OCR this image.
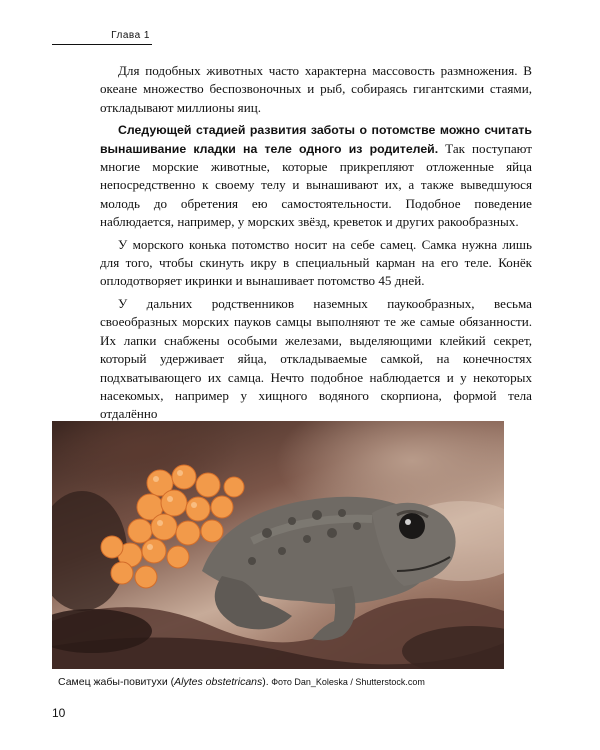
Глава 1

Для подобных животных часто характерна массовость размножения. В океане множество беспозвоночных и рыб, собираясь гигантскими стаями, откладывают миллионы яиц.

Следующей стадией развития заботы о потомстве можно считать вынашивание кладки на теле одного из родителей. Так поступают многие морские животные, которые прикрепляют отложенные яйца непосредственно к своему телу и вынашивают их, а также выведшуюся молодь до обретения ею самостоятельности. Подобное поведение наблюдается, например, у морских звёзд, креветок и других ракообразных.

У морского конька потомство носит на себе самец. Самка нужна лишь для того, чтобы скинуть икру в специальный карман на его теле. Конёк оплодотворяет икринки и вынашивает потомство 45 дней.

У дальних родственников наземных паукообразных, весьма своеобразных морских пауков самцы выполняют те же самые обязанности. Их лапки снабжены особыми железами, выделяющими клейкий секрет, который удерживает яйца, откладываемые самкой, на конечностях подхватывающего их самца. Нечто подобное наблюдается и у некоторых насекомых, например у хищного водяного скорпиона, формой тела отдалённо

Самец жабы-повитухи (Alytes obstetricans). Фото Dan_Koleska / Shutterstock.com
10
